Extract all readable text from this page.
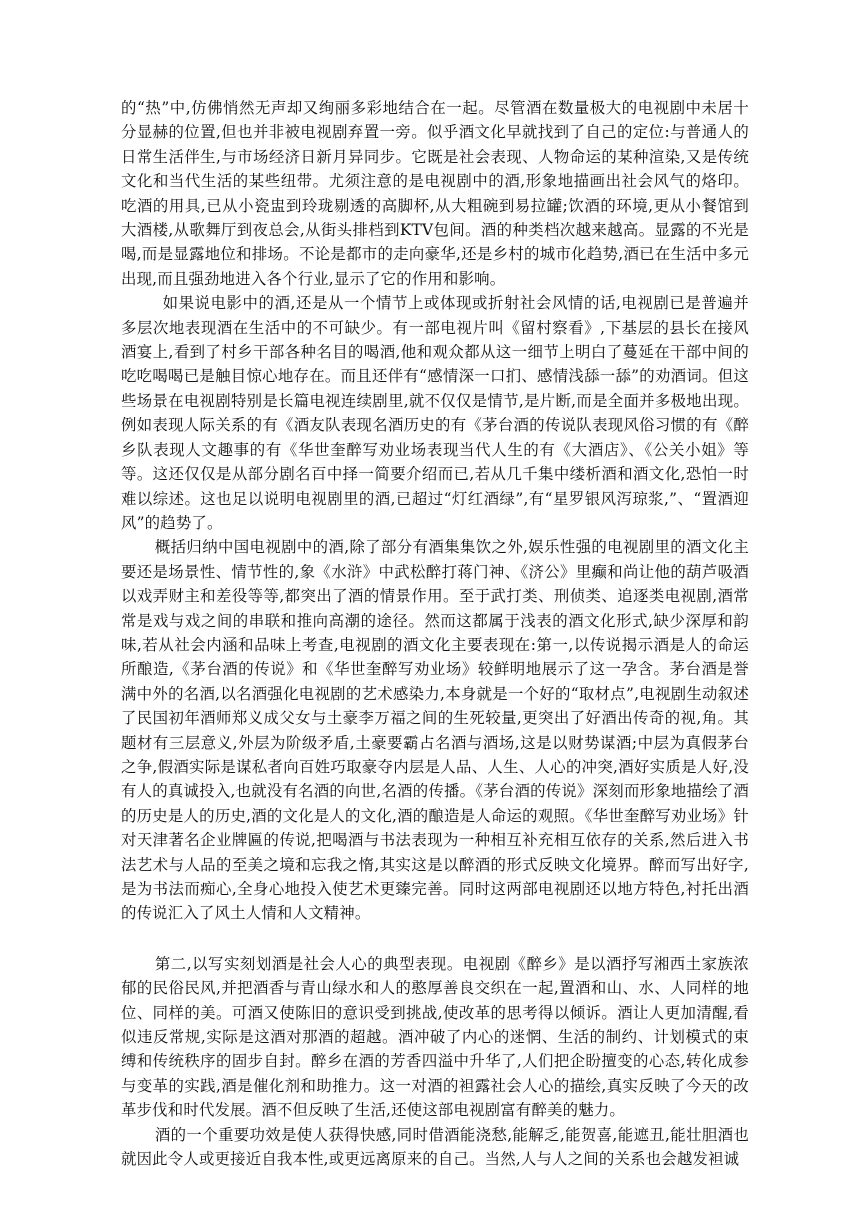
的“热”中,仿佛悄然无声却又绚丽多彩地结合在一起。尽管酒在数量极大的电视剧中未居十分显赫的位置,但也并非被电视剧弃置一旁。似乎酒文化早就找到了自己的定位:与普通人的日常生活伴生,与市场经济日新月异同步。它既是社会表现、人物命运的某种渲染,又是传统文化和当代生活的某些纽带。尤须注意的是电视剧中的酒,形象地描画出社会风气的烙印。吃酒的用具,已从小瓷盅到玲珑剔透的高脚杯,从大粗碗到易拉罐;饮酒的环境,更从小餐馆到大酒楼,从歌舞厅到夜总会,从街头排档到KTV包间。酒的种类档次越来越高。显露的不光是喝,而是显露地位和排场。不论是都市的走向豪华,还是乡村的城市化趋势,酒已在生活中多元出现,而且强劲地进入各个行业,显示了它的作用和影响。

如果说电影中的酒,还是从一个情节上或体现或折射社会风情的话,电视剧已是普遍并多层次地表现酒在生活中的不可缺少。有一部电视片叫《留村察看》,下基层的县长在接风酒宴上,看到了村乡干部各种名目的喝酒,他和观众都从这一细节上明白了蔓延在干部中间的吃吃喝喝已是触目惊心地存在。而且还伴有“感情深一口扪、感情浅舔一舔”的劝酒词。但这些场景在电视剧特别是长篇电视连续剧里,就不仅仅是情节,是片断,而是全面并多极地出现。例如表现人际关系的有《酒友队表现名酒历史的有《茅台酒的传说队表现风俗习惯的有《醉乡队表现人文趣事的有《华世奎醉写劝业场表现当代人生的有《大酒店》、《公关小姐》等等。这还仅仅是从部分剧名百中择一简要介绍而已,若从几千集中缕析酒和酒文化,恐怕一时难以综述。这也足以说明电视剧里的酒,已超过“灯红酒绿”,有“星罗银风泻琼浆,”、“置酒迎风”的趋势了。

概括归纳中国电视剧中的酒,除了部分有酒集集饮之外,娱乐性强的电视剧里的酒文化主要还是场景性、情节性的,象《水浒》中武松醉打蒋门神、《济公》里癫和尚让他的葫芦吸酒以戏弄财主和差役等等,都突出了酒的情景作用。至于武打类、刑侦类、追逐类电视剧,酒常常是戏与戏之间的串联和推向高潮的途径。然而这都属于浅表的酒文化形式,缺少深厚和韵味,若从社会内涵和品味上考查,电视剧的酒文化主要表现在:第一,以传说揭示酒是人的命运所酿造,《茅台酒的传说》和《华世奎醉写劝业场》较鲜明地展示了这一孕含。茅台酒是誉满中外的名酒,以名酒强化电视剧的艺术感染力,本身就是一个好的“取材点”,电视剧生动叙述了民国初年酒师郑义成父女与土豪李万福之间的生死较量,更突出了好酒出传奇的视,角。其题材有三层意义,外层为阶级矛盾,土豪要霸占名酒与酒场,这是以财势谋酒;中层为真假茅台之争,假酒实际是谋私者向百姓巧取豪夺内层是人品、人生、人心的冲突,酒好实质是人好,没有人的真诚投入,也就没有名酒的向世,名酒的传播。《茅台酒的传说》深刻而形象地描绘了酒的历史是人的历史,酒的文化是人的文化,酒的酿造是人命运的观照。《华世奎醉写劝业场》针对天津著名企业牌匾的传说,把喝酒与书法表现为一种相互补充相互依存的关系,然后进入书法艺术与人品的至美之境和忘我之惰,其实这是以醉酒的形式反映文化境界。醉而写出好字,是为书法而痴心,全身心地投入使艺术更臻完善。同时这两部电视剧还以地方特色,衬托出酒的传说汇入了风土人情和人文精神。

第二,以写实刻划酒是社会人心的典型表现。电视剧《醉乡》是以酒抒写湘西土家族浓郁的民俗民风,并把酒香与青山绿水和人的憨厚善良交织在一起,置酒和山、水、人同样的地位、同样的美。可酒又使陈旧的意识受到挑战,使改革的思考得以倾诉。酒让人更加清醒,看似违反常规,实际是这酒对那酒的超越。酒冲破了内心的迷惘、生活的制约、计划模式的束缚和传统秩序的固步自封。醉乡在酒的芳香四溢中升华了,人们把企盼擅变的心态,转化成参与变革的实践,酒是催化剂和助推力。这一对酒的袒露社会人心的描绘,真实反映了今天的改革步伐和时代发展。酒不但反映了生活,还使这部电视剧富有醉美的魅力。

酒的一个重要功效是使人获得快感,同时借酒能浇愁,能解乏,能贺喜,能遮丑,能壮胆酒也就因此令人或更接近自我本性,或更远离原来的自己。当然,人与人之间的关系也会越发袒诚
